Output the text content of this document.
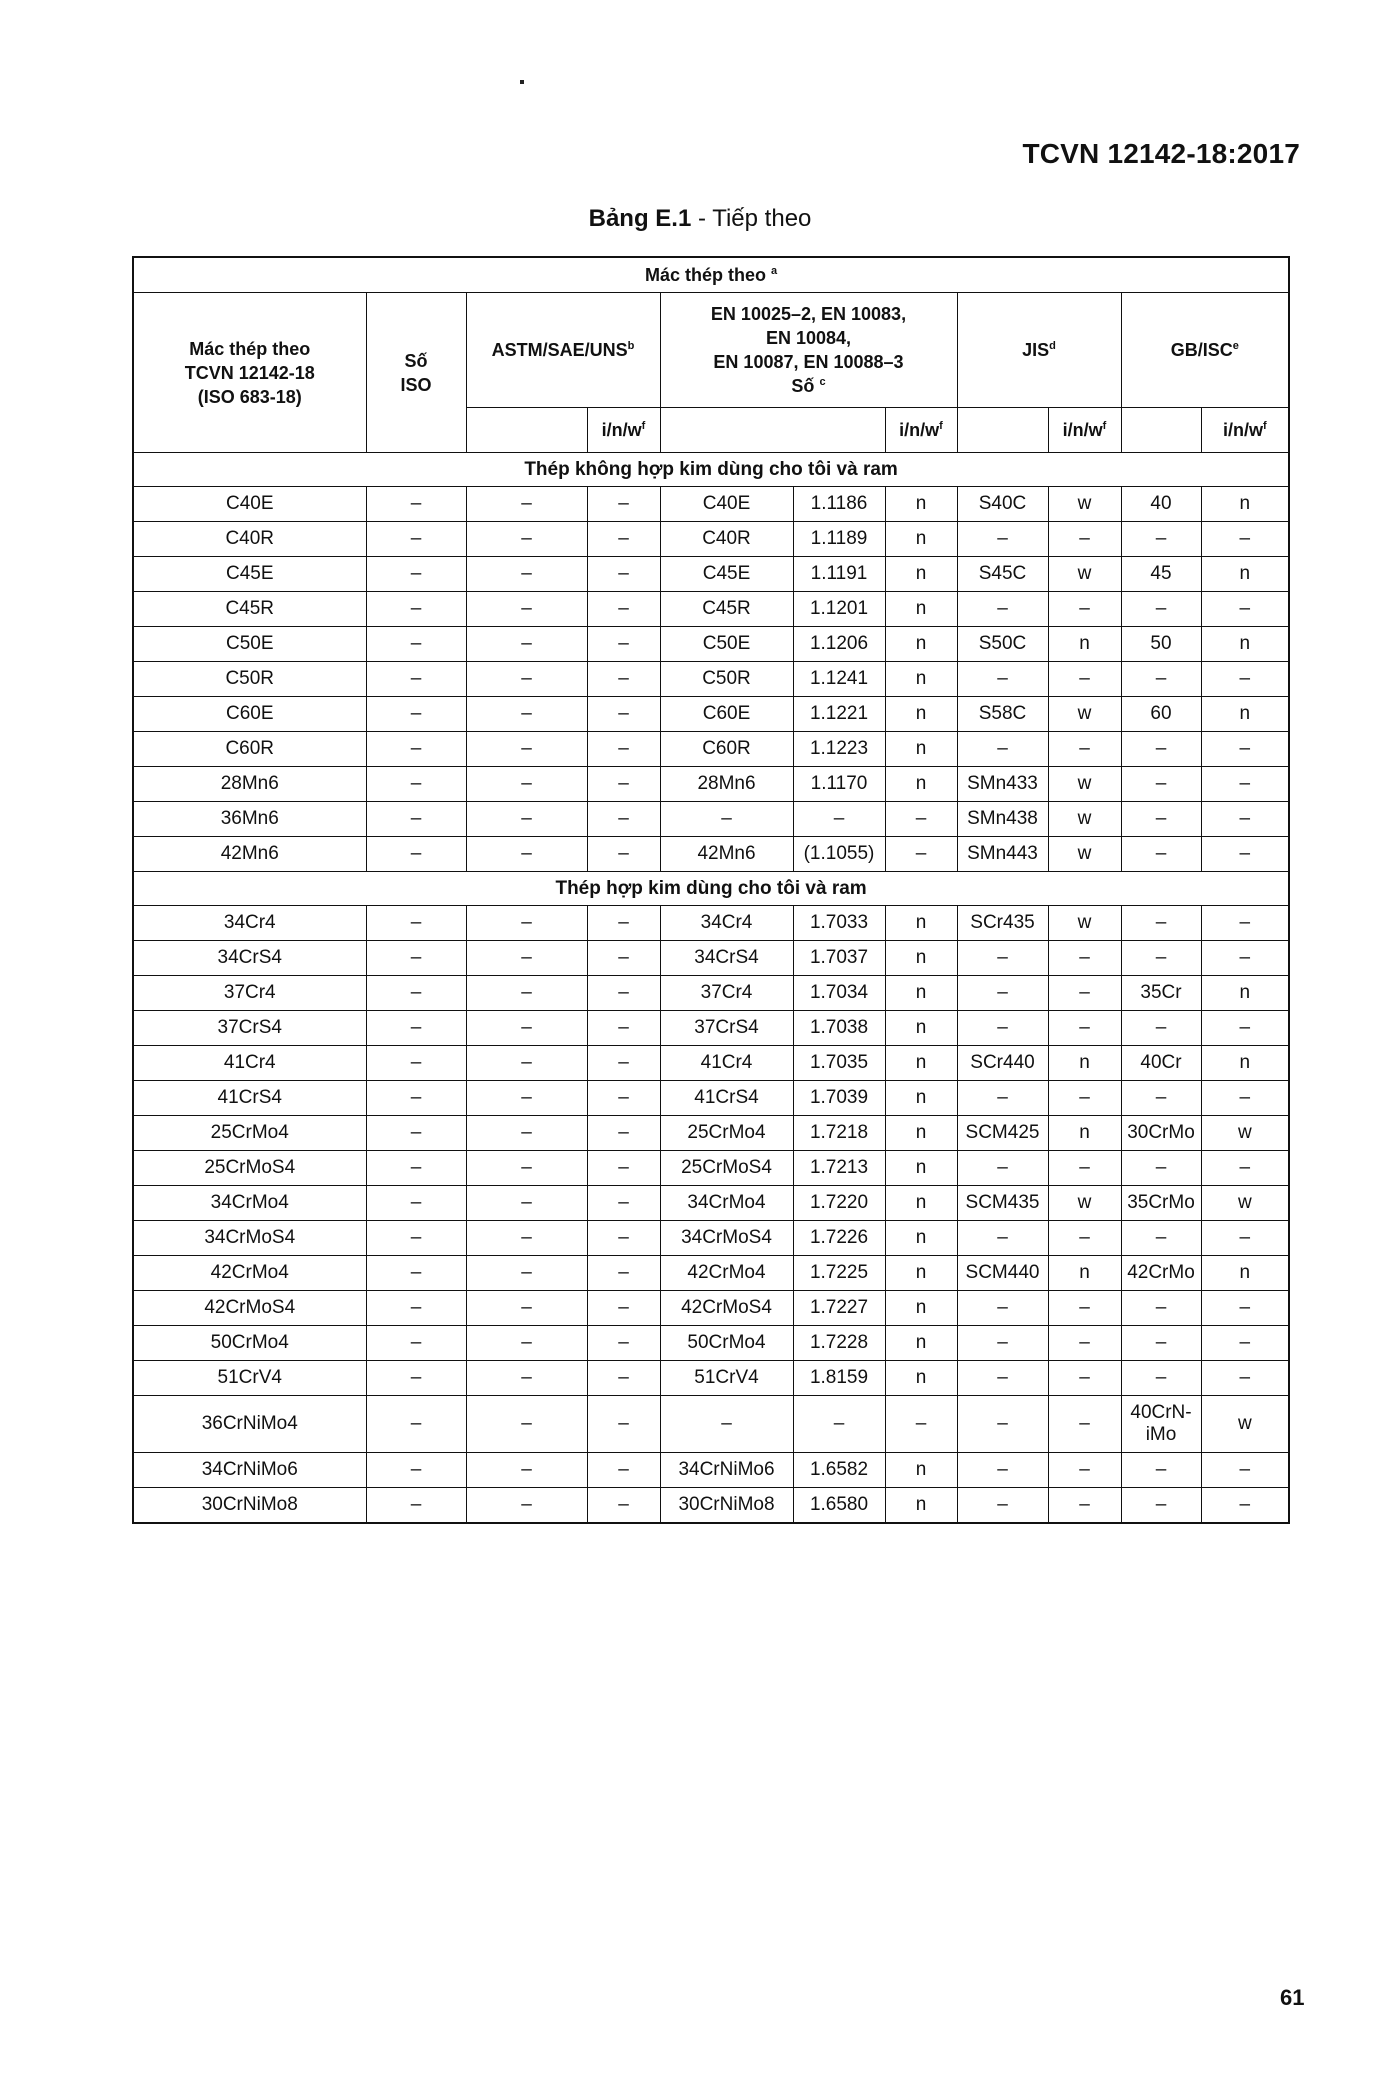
TCVN 12142-18:2017
Bảng E.1 - Tiếp theo
Mác thép theo $^a$

Mác thép theo
TCVN 12142-18
(ISO 683-18)

Số
ISO
	ASTM/SAE/UNS$^b$	
EN 10025–2, EN 10083,
EN 10084,
EN 10087, EN 10088–3
Số $^c$
	JIS$^d$	GB/ISC$^e$
			$i/n/w^f$			$i/n/w^f$		$i/n/w^f$		$i/n/w^f$
Thép không hợp kim dùng cho tôi và ram										
C40E	–	–	–	C40E	1.1186	n	S40C	w	40	n
C40R	–	–	–	C40R	1.1189	n	–	–	–	–
C45E	–	–	–	C45E	1.1191	n	S45C	w	45	n
C45R	–	–	–	C45R	1.1201	n	–	–	–	–
C50E	–	–	–	C50E	1.1206	n	S50C	n	50	n
C50R	–	–	–	C50R	1.1241	n	–	–	–	–
C60E	–	–	–	C60E	1.1221	n	S58C	w	60	n
C60R	–	–	–	C60R	1.1223	n	–	–	–	–
28Mn6	–	–	–	28Mn6	1.1170	n	SMn433	w	–	–
36Mn6	–	–	–	–	–	–	SMn438	w	–	–
42Mn6	–	–	–	42Mn6	(1.1055)	–	SMn443	w	–	–
Thép hợp kim dùng cho tôi và ram										
34Cr4	–	–	–	34Cr4	1.7033	n	SCr435	w	–	–
34CrS4	–	–	–	34CrS4	1.7037	n	–	–	–	–
37Cr4	–	–	–	37Cr4	1.7034	n	–	–	35Cr	n
37CrS4	–	–	–	37CrS4	1.7038	n	–	–	–	–
41Cr4	–	–	–	41Cr4	1.7035	n	SCr440	n	40Cr	n
41CrS4	–	–	–	41CrS4	1.7039	n	–	–	–	–
25CrMo4	–	–	–	25CrMo4	1.7218	n	SCM425	n	30CrMo	w
25CrMoS4	–	–	–	25CrMoS4	1.7213	n	–	–	–	–
34CrMo4	–	–	–	34CrMo4	1.7220	n	SCM435	w	35CrMo	w
34CrMoS4	–	–	–	34CrMoS4	1.7226	n	–	–	–	–
42CrMo4	–	–	–	42CrMo4	1.7225	n	SCM440	n	42CrMo	n
42CrMoS4	–	–	–	42CrMoS4	1.7227	n	–	–	–	–
50CrMo4	–	–	–	50CrMo4	1.7228	n	–	–	–	–
51CrV4	–	–	–	51CrV4	1.8159	n	–	–	–	–
36CrNiMo4	–	–	–	–	–	–	–	–	40CrN-
iMo	w
34CrNiMo6	–	–	–	34CrNiMo6	1.6582	n	–	–	–	–
30CrNiMo8	–	–	–	30CrNiMo8	1.6580	n	–	–	–	–
61
